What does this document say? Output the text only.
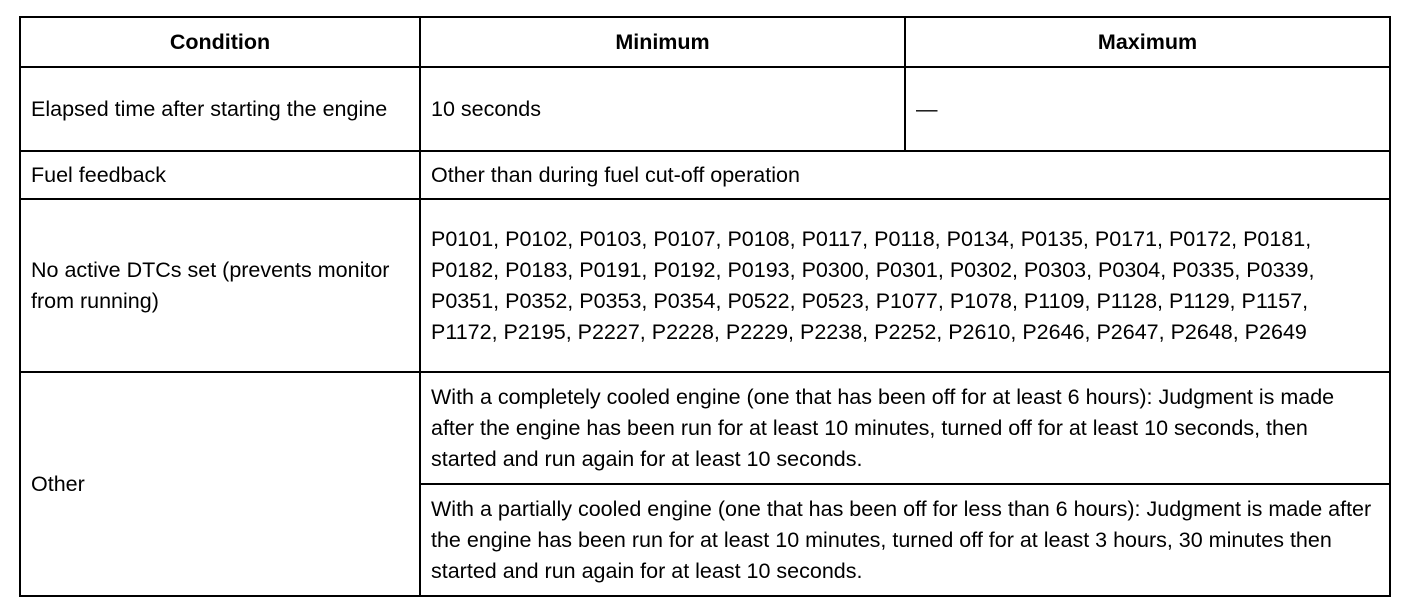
Condition	Minimum	Maximum
Elapsed time after starting the engine	10 seconds	—
Fuel feedback	Other than during fuel cut-off operation	
No active DTCs set (prevents monitor from running)	P0101, P0102, P0103, P0107, P0108, P0117, P0118, P0134, P0135, P0171, P0172, P0181, P0182, P0183, P0191, P0192, P0193, P0300, P0301, P0302, P0303, P0304, P0335, P0339, P0351, P0352, P0353, P0354, P0522, P0523, P1077, P1078, P1109, P1128, P1129, P1157, P1172, P2195, P2227, P2228, P2229, P2238, P2252, P2610, P2646, P2647, P2648, P2649	
Other	With a completely cooled engine (one that has been off for at least 6 hours): Judgment is made after the engine has been run for at least 10 minutes, turned off for at least 10 seconds, then started and run again for at least 10 seconds.	
	With a partially cooled engine (one that has been off for less than 6 hours): Judgment is made after the engine has been run for at least 10 minutes, turned off for at least 3 hours, 30 minutes then started and run again for at least 10 seconds.	
